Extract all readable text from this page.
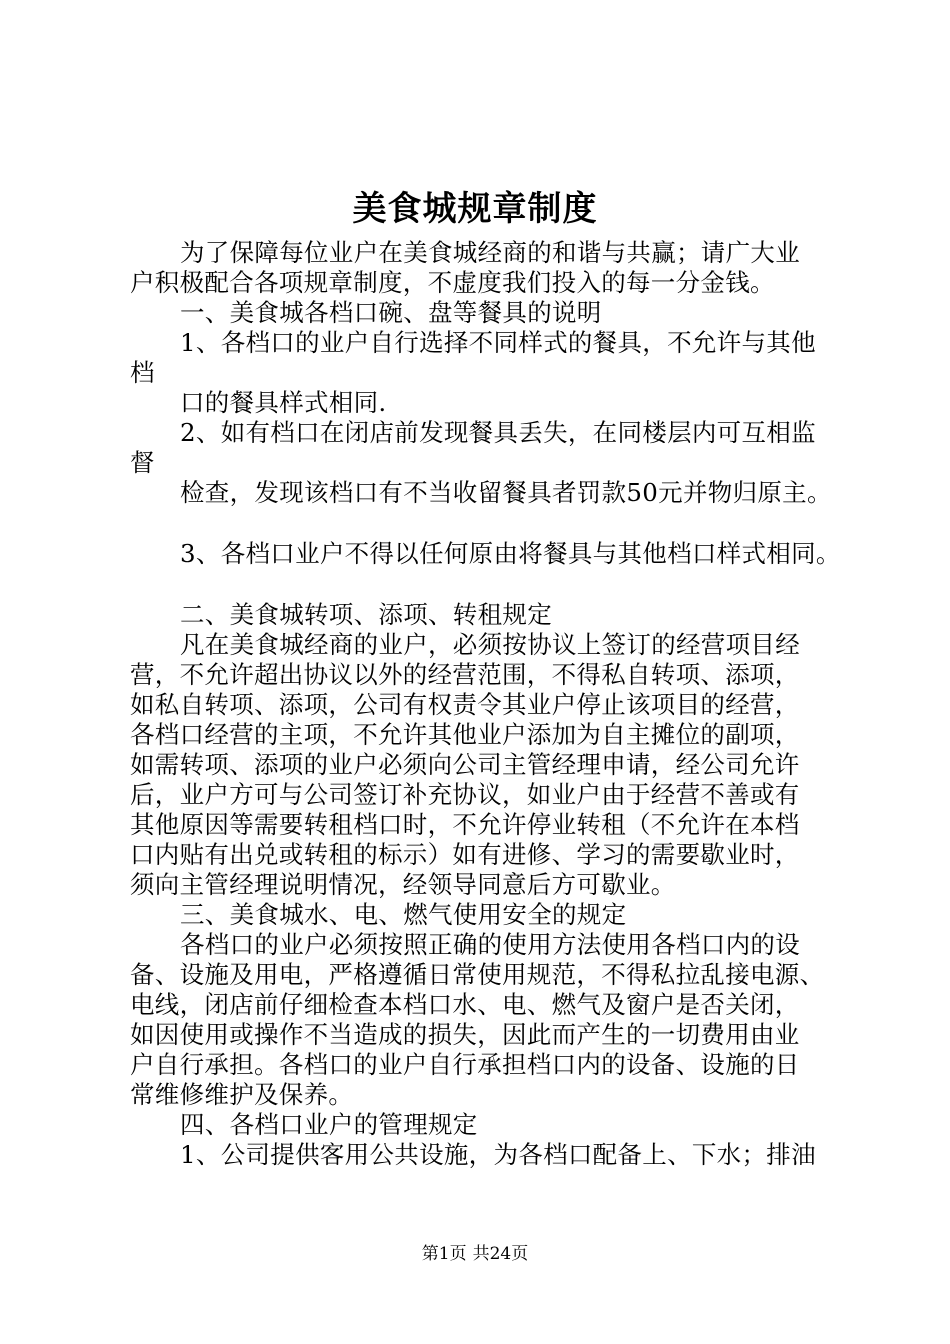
美食城规章制度
为了保障每位业户在美食城经商的和谐与共赢；请广大业
户积极配合各项规章制度，不虚度我们投入的每一分金钱。
一、美食城各档口碗、盘等餐具的说明
1、各档口的业户自行选择不同样式的餐具，不允许与其他
档
口的餐具样式相同.
2、如有档口在闭店前发现餐具丢失，在同楼层内可互相监
督
检查，发现该档口有不当收留餐具者罚款50元并物归原主。
3、各档口业户不得以任何原由将餐具与其他档口样式相同。
二、美食城转项、添项、转租规定
凡在美食城经商的业户，必须按协议上签订的经营项目经
营，不允许超出协议以外的经营范围，不得私自转项、添项，
如私自转项、添项，公司有权责令其业户停止该项目的经营，
各档口经营的主项，不允许其他业户添加为自主摊位的副项，
如需转项、添项的业户必须向公司主管经理申请，经公司允许
后，业户方可与公司签订补充协议，如业户由于经营不善或有
其他原因等需要转租档口时，不允许停业转租（不允许在本档
口内贴有出兑或转租的标示）如有进修、学习的需要歇业时，
须向主管经理说明情况，经领导同意后方可歇业。
三、美食城水、电、燃气使用安全的规定
各档口的业户必须按照正确的使用方法使用各档口内的设
备、设施及用电，严格遵循日常使用规范，不得私拉乱接电源、
电线，闭店前仔细检查本档口水、电、燃气及窗户是否关闭，
如因使用或操作不当造成的损失，因此而产生的一切费用由业
户自行承担。各档口的业户自行承担档口内的设备、设施的日
常维修维护及保养。
四、各档口业户的管理规定
1、公司提供客用公共设施，为各档口配备上、下水；排油
第1页 共24页
